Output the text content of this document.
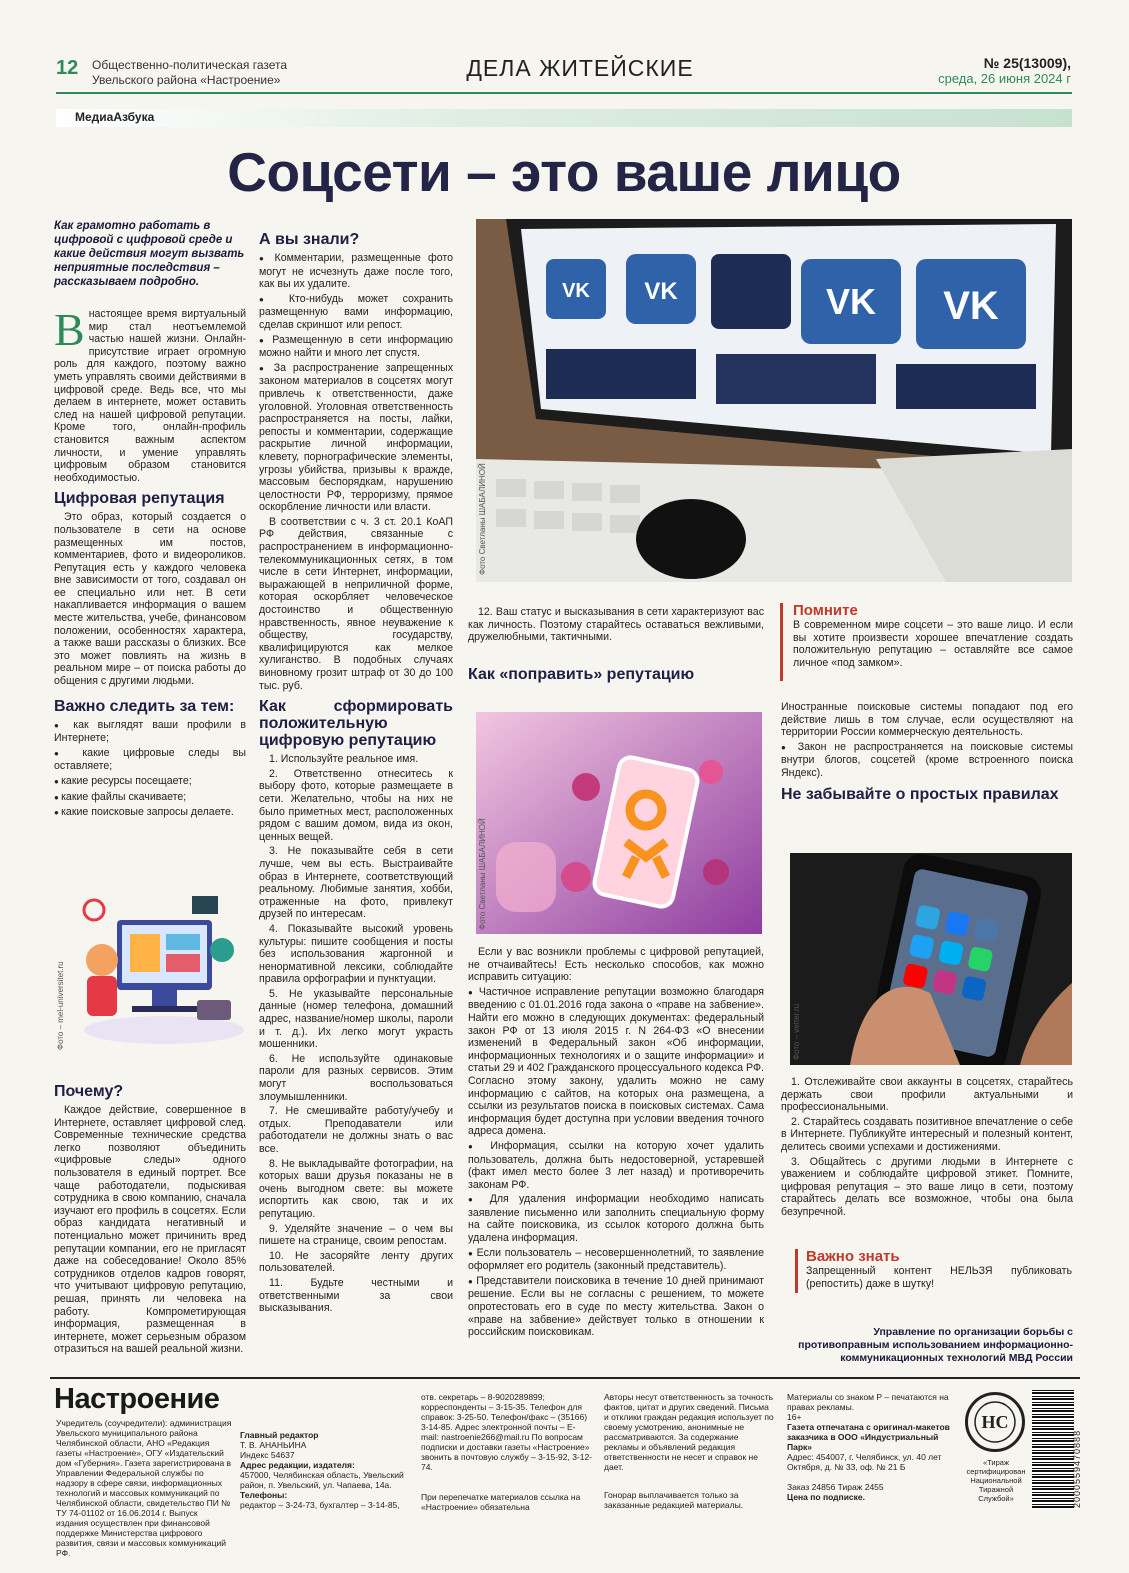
12 Общественно-политическая газета
Увельского района «Настроение»	ДЕЛА ЖИТЕЙСКИЕ	№ 25(13009),
среда, 26 июня 2024 г
МедиаАзбука
Соцсети – это ваше лицо
Как грамотно работать в цифровой с цифровой среде и какие действия могут вызвать неприятные последствия – рассказываем подробно.

Внастоящее время виртуальный мир стал неотъемлемой частью нашей жизни. Онлайн-присутствие играет огромную роль для каждого, поэтому важно уметь управлять своими действиями в цифровой среде. Ведь все, что мы делаем в интернете, может оставить след на нашей цифровой репутации. Кроме того, онлайн-профиль становится важным аспектом личности, и умение управлять цифровым образом становится необходимостью.

Цифровая репутация

Это образ, который создается о пользователе в сети на основе размещенных им постов, комментариев, фото и видеороликов. Репутация есть у каждого человека вне зависимости от того, создавал он ее специально или нет. В сети накапливается информация о вашем месте жительства, учебе, финансовом положении, особенностях характера, а также ваши рассказы о близких. Все это может повлиять на жизнь в реальном мире – от поиска работы до общения с другими людьми.

Важно следить за тем:

● как выглядят ваши профили в Интернете;

● какие цифровые следы вы оставляете;

● какие ресурсы посещаете;

● какие файлы скачиваете;

● какие поисковые запросы делаете.

Фото – mel-universitet.ru
Почему?

Каждое действие, совершенное в Интернете, оставляет цифровой след. Современные технические средства легко позволяют объединить «цифровые следы» одного пользователя в единый портрет. Все чаще работодатели, подыскивая сотрудника в свою компанию, сначала изучают его профиль в соцсетях. Если образ кандидата негативный и потенциально может причинить вред репутации компании, его не пригласят даже на собеседование! Около 85% сотрудников отделов кадров говорят, что учитывают цифровую репутацию, решая, принять ли человека на работу. Компрометирующая информация, размещенная в интернете, может серьезным образом отразиться на вашей реальной жизни.

А вы знали?

● Комментарии, размещенные фото могут не исчезнуть даже после того, как вы их удалите.

● Кто-нибудь может сохранить размещенную вами информацию, сделав скриншот или репост.

● Размещенную в сети информацию можно найти и много лет спустя.

● За распространение запрещенных законом материалов в соцсетях могут привлечь к ответственности, даже уголовной. Уголовная ответственность распространяется на посты, лайки, репосты и комментарии, содержащие раскрытие личной информации, клевету, порнографические элементы, угрозы убийства, призывы к вражде, массовым беспорядкам, нарушению целостности РФ, терроризму, прямое оскорбление личности или власти.

В соответствии с ч. 3 ст. 20.1 КоАП РФ действия, связанные с распространением в информационно-телекоммуникационных сетях, в том числе в сети Интернет, информации, выражающей в неприличной форме, которая оскорбляет человеческое достоинство и общественную нравственность, явное неуважение к обществу, государству, квалифицируются как мелкое хулиганство. В подобных случаях виновному грозит штраф от 30 до 100 тыс. руб.

Как сформировать положительную цифровую репутацию

1. Используйте реальное имя.

2. Ответственно отнеситесь к выбору фото, которые размещаете в сети. Желательно, чтобы на них не было приметных мест, расположенных рядом с вашим домом, вида из окон, ценных вещей.

3. Не показывайте себя в сети лучше, чем вы есть. Выстраивайте образ в Интернете, соответствующий реальному. Любимые занятия, хобби, отраженные на фото, привлекут друзей по интересам.

4. Показывайте высокий уровень культуры: пишите сообщения и посты без использования жаргонной и ненормативной лексики, соблюдайте правила орфографии и пунктуации.

5. Не указывайте персональные данные (номер телефона, домашний адрес, название/номер школы, пароли и т. д.). Их легко могут украсть мошенники.

6. Не используйте одинаковые пароли для разных сервисов. Этим могут воспользоваться злоумышленники.

7. Не смешивайте работу/учебу и отдых. Преподаватели или работодатели не должны знать о вас все.

8. Не выкладывайте фотографии, на которых ваши друзья показаны не в очень выгодном свете: вы можете испортить как свою, так и их репутацию.

9. Уделяйте значение – о чем вы пишете на странице, своим репостам.

10. Не засоряйте ленту других пользователей.

11. Будьте честными и ответственными за свои высказывания.

VK VK	VK VK
Фото Светланы ШАБАЛИНОЙ

12. Ваш статус и высказывания в сети характеризуют вас как личность. Поэтому старайтесь оставаться вежливыми, дружелюбными, тактичными.

Как «поправить» репутацию
Фото Светланы ШАБАЛИНОЙ

Если у вас возникли проблемы с цифровой репутацией, не отчаивайтесь! Есть несколько способов, как можно исправить ситуацию:

● Частичное исправление репутации возможно благодаря введению с 01.01.2016 года закона о «праве на забвение». Найти его можно в следующих документах: федеральный закон РФ от 13 июля 2015 г. N 264-ФЗ «О внесении изменений в Федеральный закон «Об информации, информационных технологиях и о защите информации» и статьи 29 и 402 Гражданского процессуального кодекса РФ. Согласно этому закону, удалить можно не саму информацию с сайтов, на которых она размещена, а ссылки из результатов поиска в поисковых системах. Сама информация будет доступна при условии введения точного адреса домена.

● Информация, ссылки на которую хочет удалить пользователь, должна быть недостоверной, устаревшей (факт имел место более 3 лет назад) и противоречить законам РФ.

● Для удаления информации необходимо написать заявление письменно или заполнить специальную форму на сайте поисковика, из ссылок которого должна быть удалена информация.

● Если пользователь – несовершеннолетний, то заявление оформляет его родитель (законный представитель).

● Представители поисковика в течение 10 дней принимают решение. Если вы не согласны с решением, то можете опротестовать его в суде по месту жительства. Закон о «праве на забвение» действует только в отношении к российским поисковикам.

Помните

В современном мире соцсети – это ваше лицо. И если вы хотите произвести хорошее впечатление создать положительную репутацию – оставляйте все самое личное «под замком».

Иностранные поисковые системы попадают под его действие лишь в том случае, если осуществляют на территории России коммерческую деятельность.

● Закон не распространяется на поисковые системы внутри блогов, соцсетей (кроме встроенного поиска Яндекс).

Не забывайте о простых правилах
Фото – vetter.ru

1. Отслеживайте свои аккаунты в соцсетях, старайтесь держать свои профили актуальными и профессиональными.

2. Старайтесь создавать позитивное впечатление о себе в Интернете. Публикуйте интересный и полезный контент, делитесь своими успехами и достижениями.

3. Общайтесь с другими людьми в Интернете с уважением и соблюдайте цифровой этикет. Помните, цифровая репутация – это ваше лицо в сети, поэтому старайтесь делать все возможное, чтобы она была безупречной.

Важно знать

Запрещенный контент НЕЛЬЗЯ публиковать (репостить) даже в шутку!

Управление по организации борьбы с противоправным использованием информационно-коммуникационных технологий МВД России
Настроение
Учредитель (соучредители): администрация Увельского муниципального района Челябинской области, АНО «Редакция газеты «Настроение», ОГУ «Издательский дом «Губерния». Газета зарегистрирована в Управлении Федеральной службы по надзору в сфере связи, информационных технологий и массовых коммуникаций по Челябинской области, свидетельство ПИ № ТУ 74-01102 от 16.06.2014 г. Выпуск издания осуществлен при финансовой поддержке Министерства цифрового развития, связи и массовых коммуникаций РФ.
Главный редактор
Т. В. АНАНЬИНА
Индекс 54637
Адрес редакции, издателя:
457000, Челябинская область, Увельский район, п. Увельский, ул. Чапаева, 14а.
Телефоны:
редактор – 3-24-73, бухгалтер – 3-14-85,
отв. секретарь – 8-9020289899; корреспонденты – 3-15-35. Телефон для справок: 3-25-50. Телефон/факс – (35166) 3-14-85. Адрес электронной почты – E-mail: nastroenie266@mail.ru По вопросам подписки и доставки газеты «Настроение» звонить в почтовую службу – 3-15-92, 3-12-74.
При перепечатке материалов ссылка на «Настроение» обязательна
Авторы несут ответственность за точность фактов, цитат и других сведений. Письма и отклики граждан редакция использует по своему усмотрению, анонимные не рассматриваются. За содержание рекламы и объявлений редакция ответственности не несет и справок не дает.
Гонорар выплачивается только за заказанные редакцией материалы.
Материалы со знаком Р – печатаются на правах рекламы.
16+
Газета отпечатана с оригинал-макетов заказчика в ООО «Индустриальный Парк»
Адрес: 454007, г. Челябинск, ул. 40 лет Октября, д. № 33, оф. № 21 Б
Заказ 24856 Тираж 2455
Цена по подписке.
НС
«Тираж сертифицирован Национальной Тиражной Службой»	2000559470888
